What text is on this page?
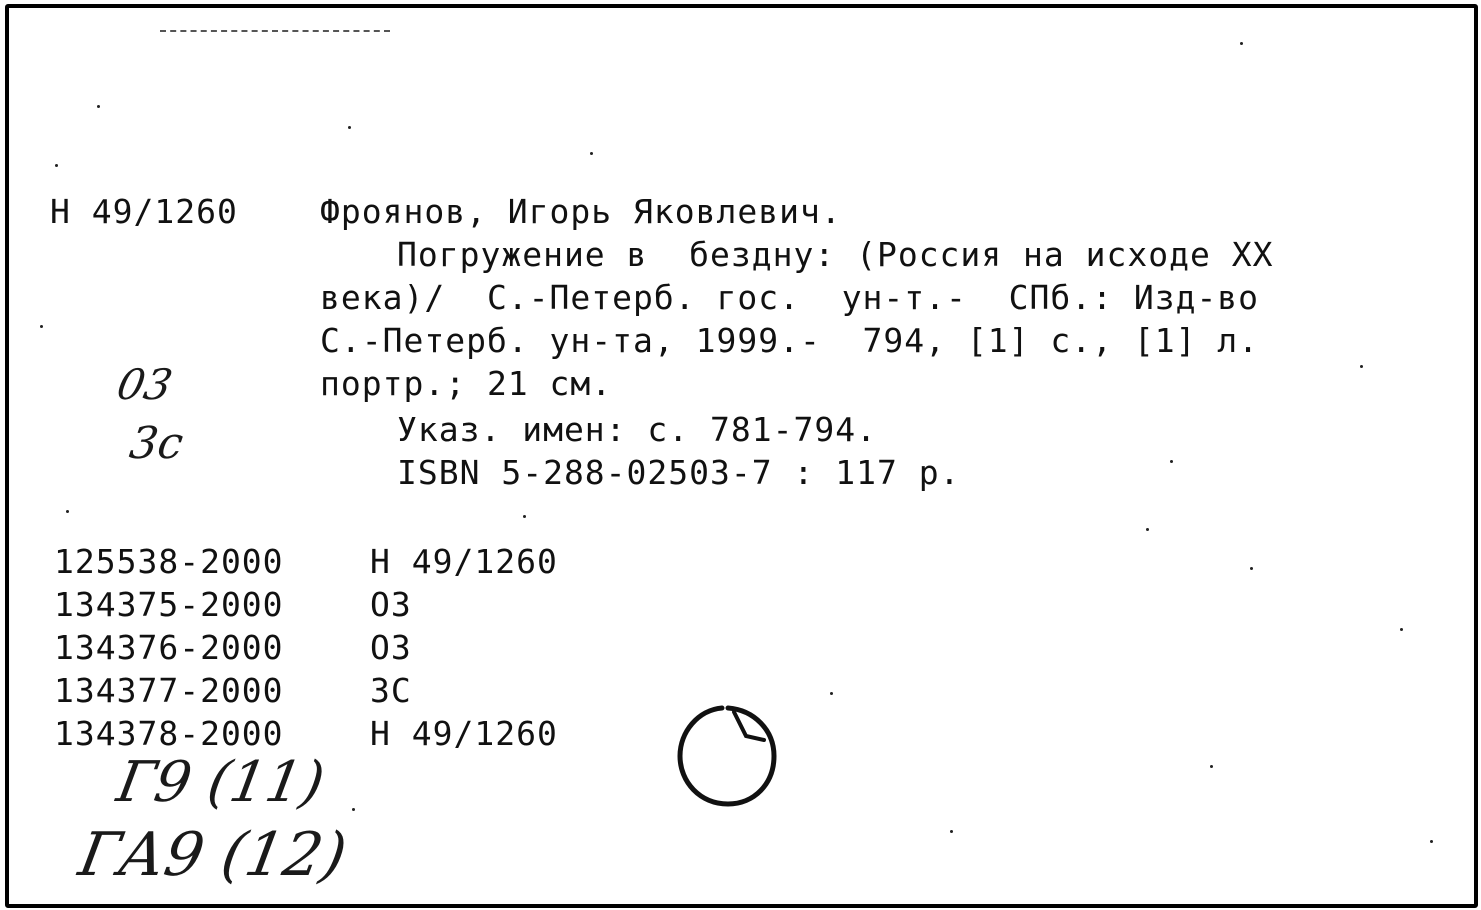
Н 49/1260 Фроянов, Игорь Яковлевич.
Погружение в  бездну: (Россия на исходе XX
века)/  С.-Петерб. гос.  ун-т.-  СПб.: Изд-во
С.-Петерб. ун-та, 1999.-  794, [1] с., [1] л.
портр.; 21 см.
Указ. имен: с. 781-794.
ISBN 5-288-02503-7 : 117 р.
03
3c
125538-2000	Н 49/1260
134375-2000	ОЗ
134376-2000	ОЗ
134377-2000	ЗС
134378-2000	Н 49/1260
Г9 (11)
ГА9 (12)
